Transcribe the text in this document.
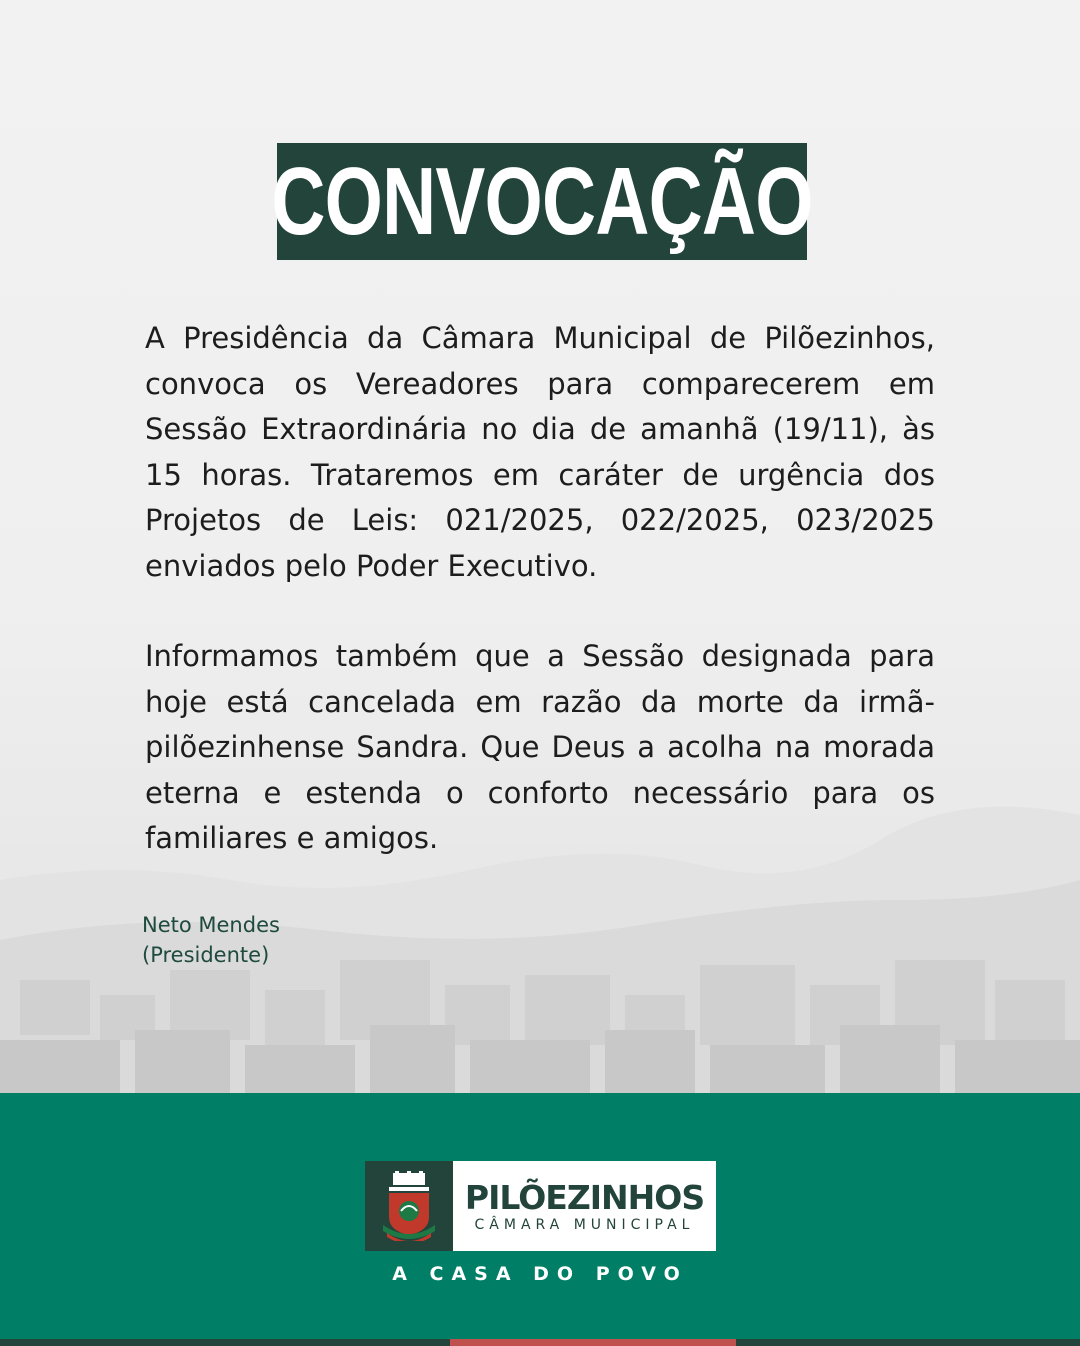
CONVOCAÇÃO

A Presidência da Câmara Municipal de Pilõezinhos, convoca os Vereadores para comparecerem em Sessão Extraordinária no dia de amanhã (19/11), às 15 horas. Trataremos em caráter de urgência dos Projetos de Leis: 021/2025, 022/2025, 023/2025 enviados pelo Poder Executivo.

Informamos também que a Sessão designada para hoje está cancelada em razão da morte da irmã-pilõezinhense Sandra. Que Deus a acolha na morada eterna e estenda o conforto necessário para os familiares e amigos.

Neto Mendes
(Presidente)
PILÕEZINHOS
CÂMARA MUNICIPAL
A CASA DO POVO
